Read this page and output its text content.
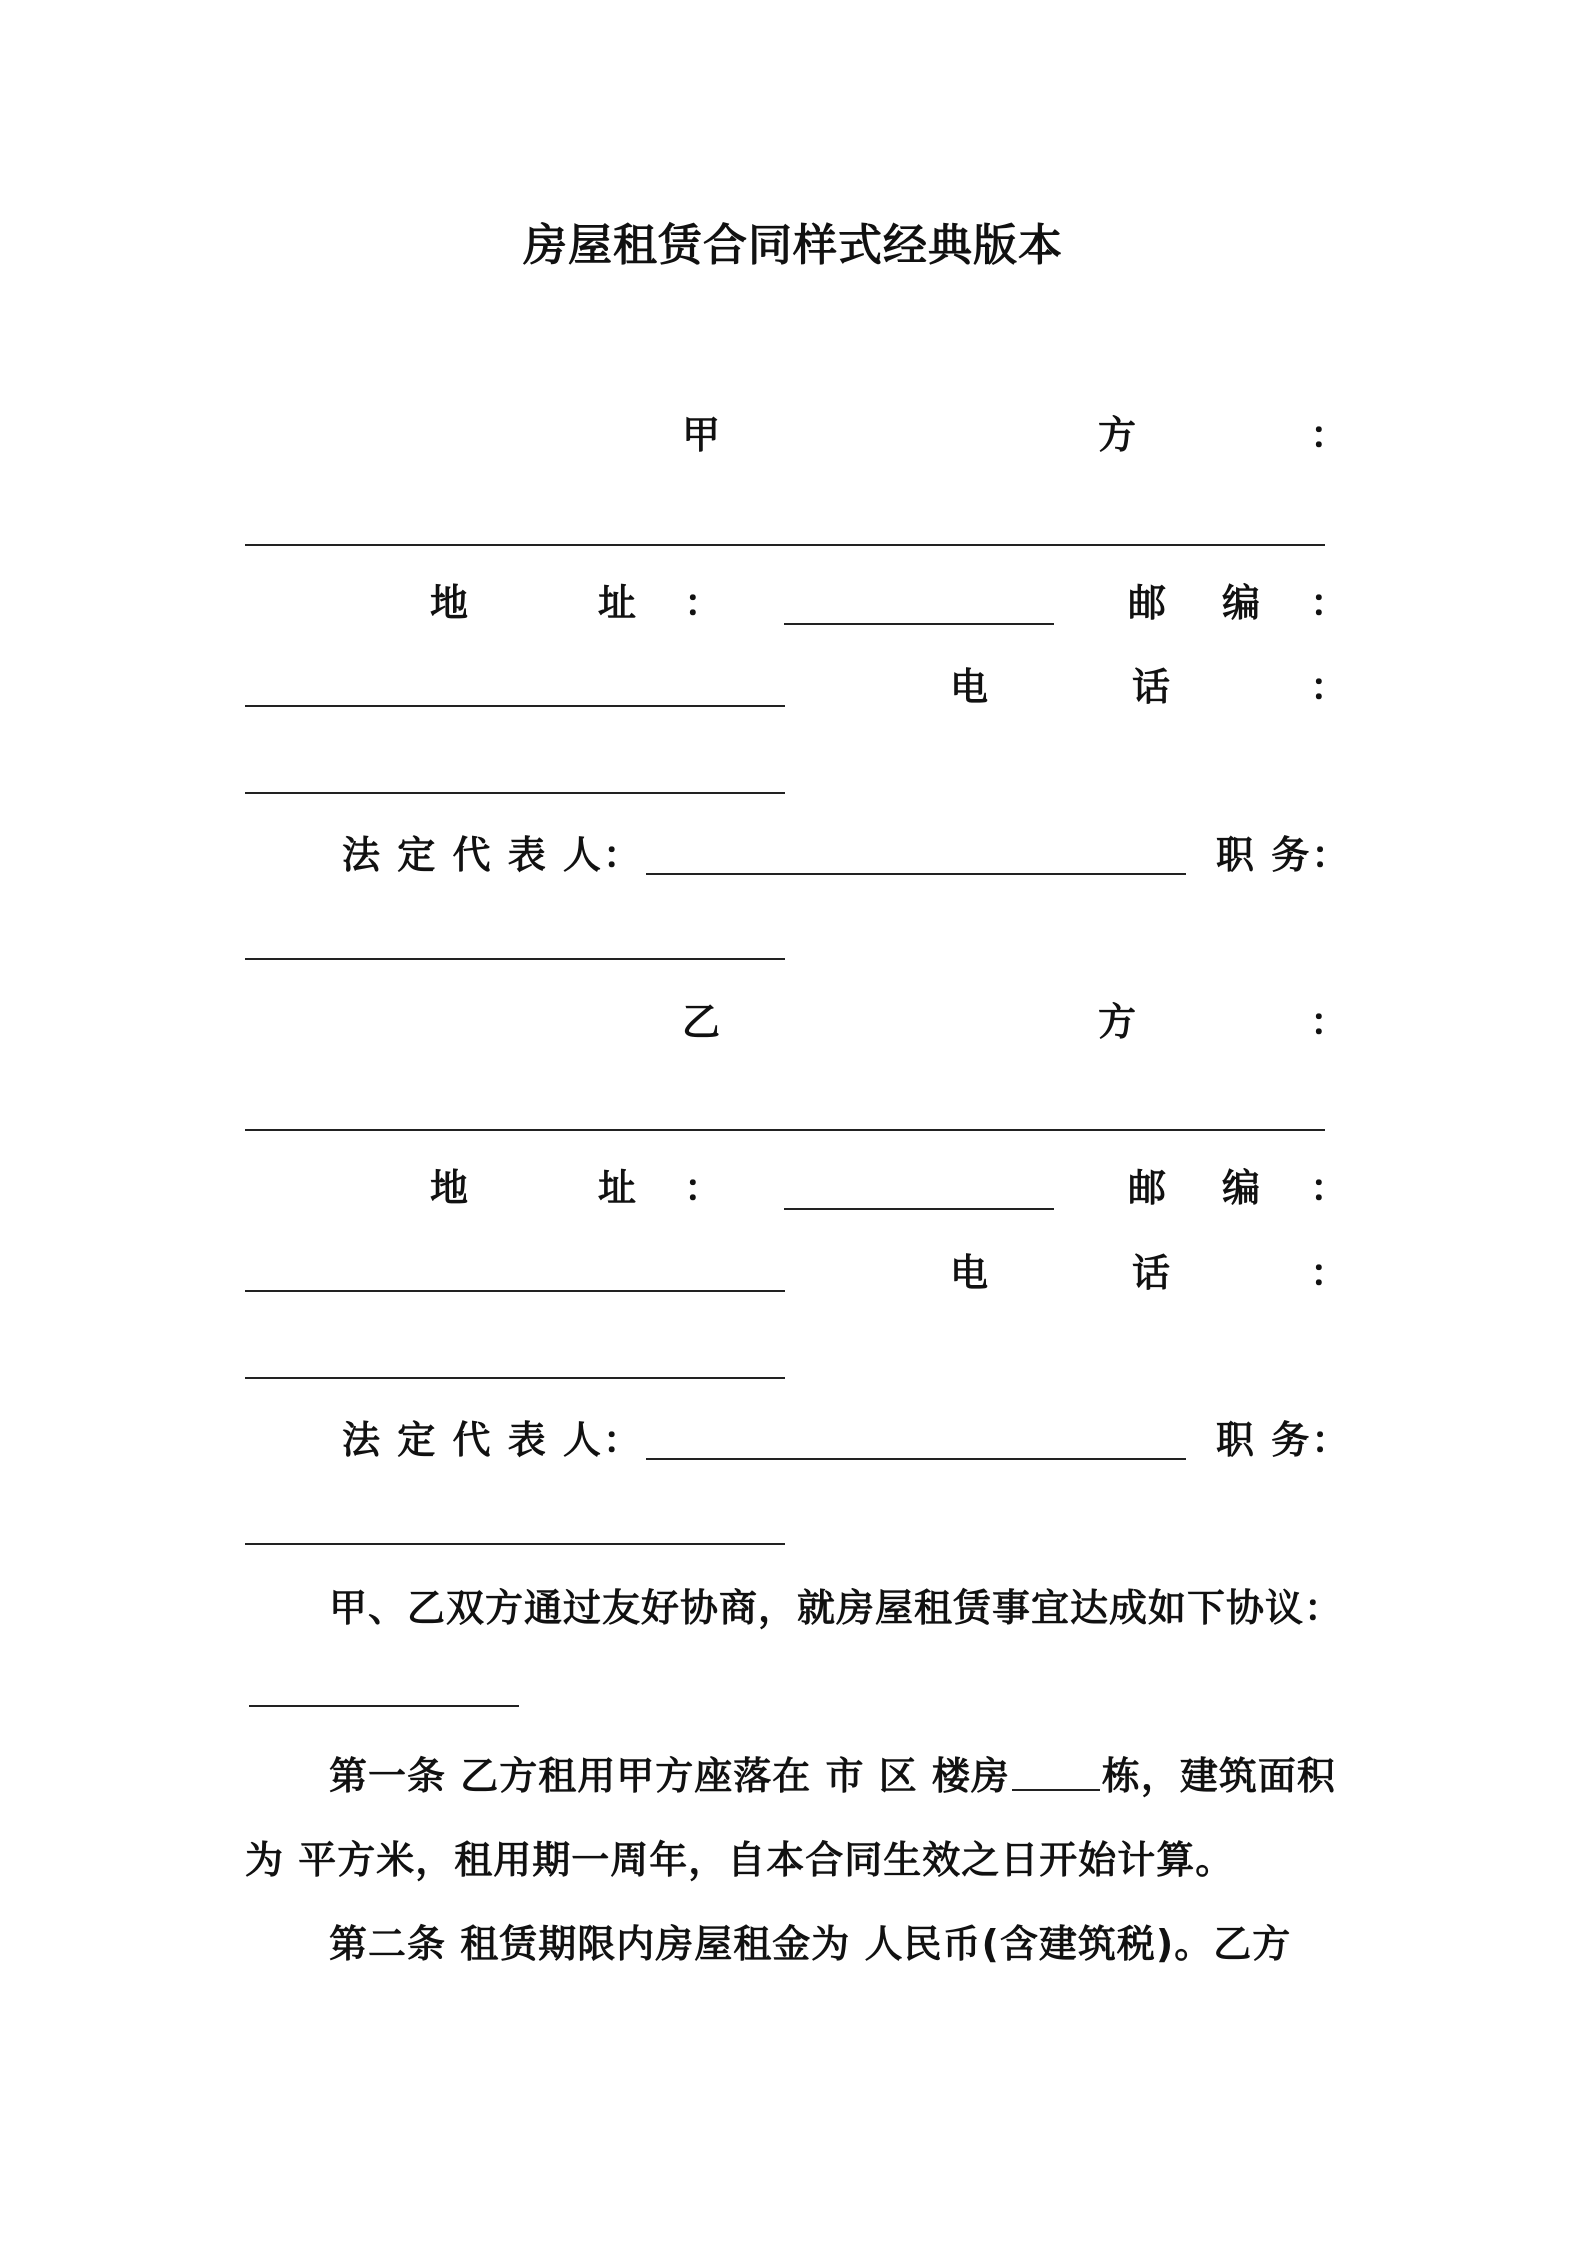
房屋租赁合同样式经典版本
甲	方	：
地	址 ：	邮 编 ：
电	话	：
法 定 代 表 人：	职 务：
乙	方	：
地	址 ：	邮 编 ：
电	话	：
法 定 代 表 人：	职 务：
甲、乙双方通过友好协商，就房屋租赁事宜达成如下协议：
第一条 乙方租用甲方座落在 市 区 楼房 栋，建筑面积为 平方米，租用期一周年，自本合同生效之日开始计算。
第二条 租赁期限内房屋租金为 人民币(含建筑税)。乙方
